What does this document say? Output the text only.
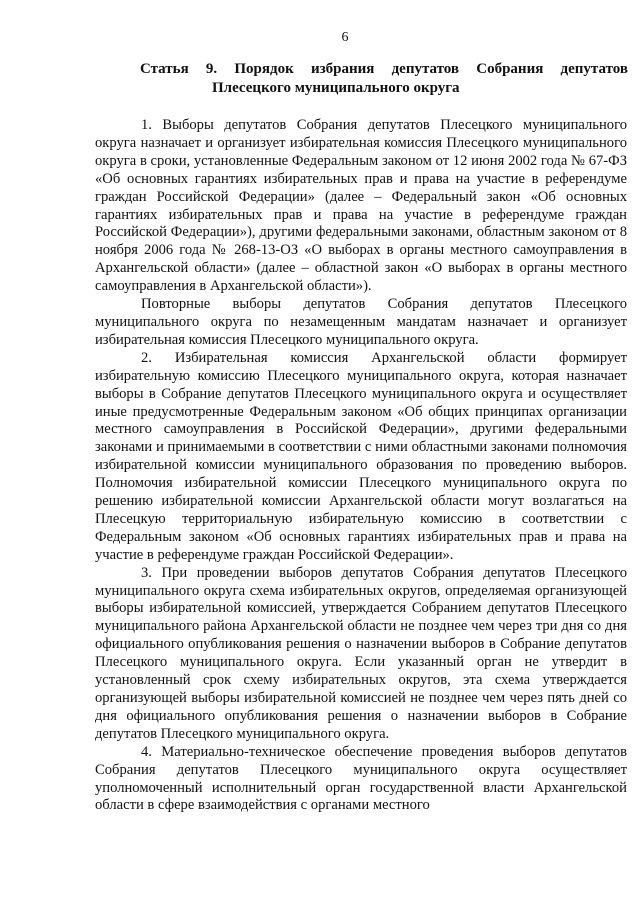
6
Статья 9. Порядок избрания депутатов Собрания депутатов
Плесецкого муниципального округа

1. Выборы депутатов Собрания депутатов Плесецкого муниципального округа назначает и организует избирательная комиссия Плесецкого муниципального округа в сроки, установленные Федеральным законом от 12 июня 2002 года № 67-ФЗ «Об основных гарантиях избирательных прав и права на участие в референдуме граждан Российской Федерации» (далее – Федеральный закон «Об основных гарантиях избирательных прав и права на участие в референдуме граждан Российской Федерации»), другими федеральными законами, областным законом от 8 ноября 2006 года № 268-13-ОЗ «О выборах в органы местного самоуправления в Архангельской области» (далее – областной закон «О выборах в органы местного самоуправления в Архангельской области»).

Повторные выборы депутатов Собрания депутатов Плесецкого муниципального округа по незамещенным мандатам назначает и организует избирательная комиссия Плесецкого муниципального округа.

2. Избирательная комиссия Архангельской области формирует избирательную комиссию Плесецкого муниципального округа, которая назначает выборы в Собрание депутатов Плесецкого муниципального округа и осуществляет иные предусмотренные Федеральным законом «Об общих принципах организации местного самоуправления в Российской Федерации», другими федеральными законами и принимаемыми в соответствии с ними областными законами полномочия избирательной комиссии муниципального образования по проведению выборов. Полномочия избирательной комиссии Плесецкого муниципального округа по решению избирательной комиссии Архангельской области могут возлагаться на Плесецкую территориальную избирательную комиссию в соответствии с Федеральным законом «Об основных гарантиях избирательных прав и права на участие в референдуме граждан Российской Федерации».

3. При проведении выборов депутатов Собрания депутатов Плесецкого муниципального округа схема избирательных округов, определяемая организующей выборы избирательной комиссией, утверждается Собранием депутатов Плесецкого муниципального района Архангельской области не позднее чем через три дня со дня официального опубликования решения о назначении выборов в Собрание депутатов Плесецкого муниципального округа. Если указанный орган не утвердит в установленный срок схему избирательных округов, эта схема утверждается организующей выборы избирательной комиссией не позднее чем через пять дней со дня официального опубликования решения о назначении выборов в Собрание депутатов Плесецкого муниципального округа.

4. Материально-техническое обеспечение проведения выборов депутатов Собрания депутатов Плесецкого муниципального округа осуществляет уполномоченный исполнительный орган государственной власти Архангельской области в сфере взаимодействия с органами местного
